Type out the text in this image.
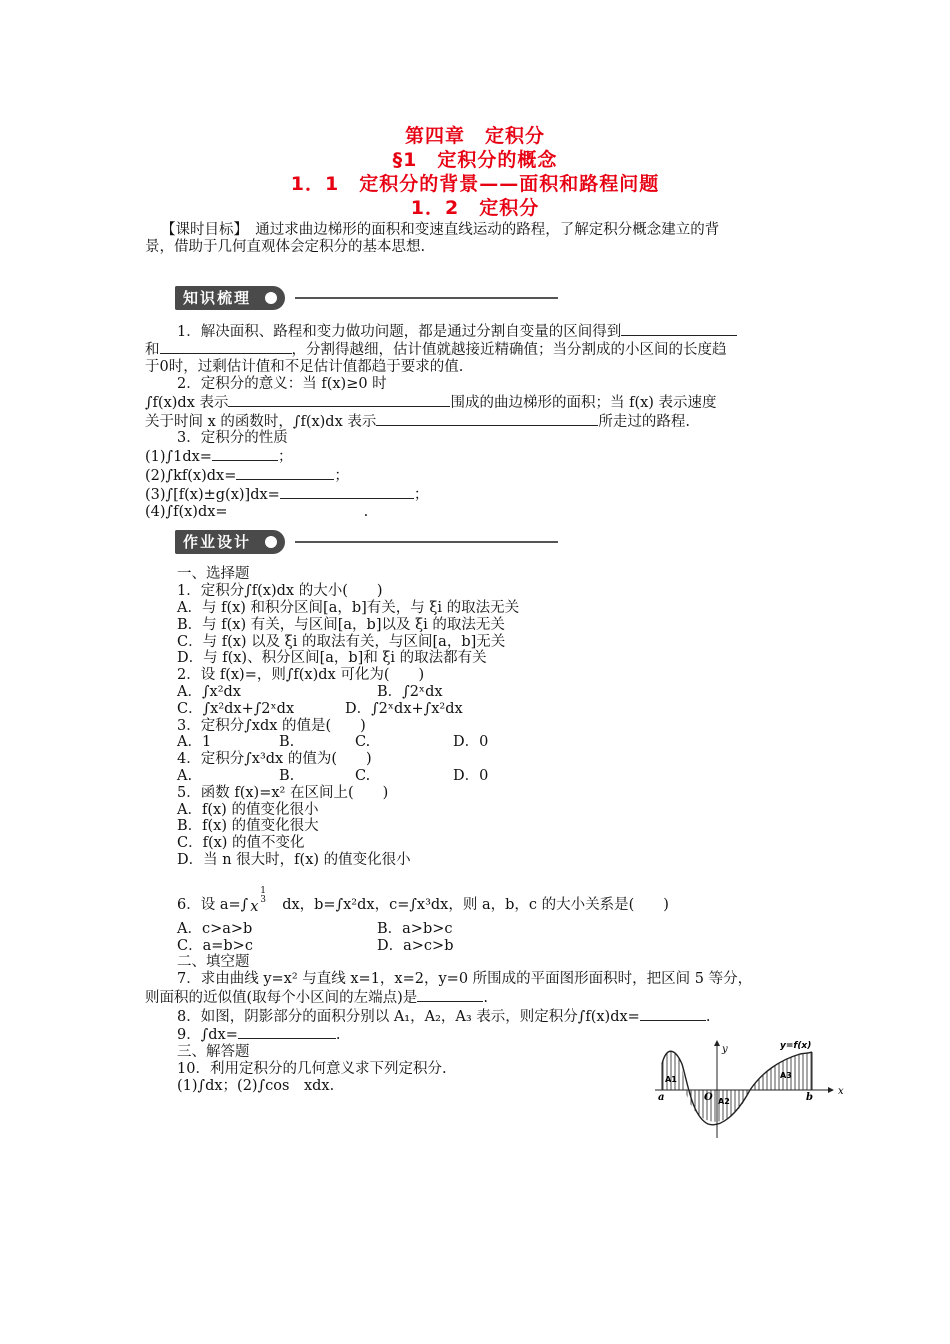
第四章　定积分
§1　定积分的概念
1．1　定积分的背景——面积和路程问题
1．2　定积分
【课时目标】　通过求曲边梯形的面积和变速直线运动的路程，了解定积分概念建立的背
景，借助于几何直观体会定积分的基本思想.
知识梳理
1．解决面积、路程和变力做功问题，都是通过分割自变量的区间得到
和	，分割得越细，估计值就越接近精确值；当分割成的小区间的长度趋
于0时，过剩估计值和不足估计值都趋于要求的值.
2．定积分的意义：当 f(x)≥0 时
∫f(x)dx 表示	围成的曲边梯形的面积；当 f(x) 表示速度
关于时间 x 的函数时，∫f(x)dx 表示	所走过的路程.
3．定积分的性质
(1)∫1dx=	；
(2)∫kf(x)dx=	；
(3)∫[f(x)±g(x)]dx=	；
(4)∫f(x)dx=	.
作业设计
一、选择题
1．定积分∫f(x)dx 的大小(　　)
A．与 f(x) 和积分区间[a，b]有关，与 ξi 的取法无关
B．与 f(x) 有关，与区间[a，b]以及 ξi 的取法无关
C．与 f(x) 以及 ξi 的取法有关，与区间[a，b]无关
D．与 f(x)、积分区间[a，b]和 ξi 的取法都有关
2．设 f(x)=，则∫f(x)dx 可化为(　　)
A．∫x²dx	B．∫2ˣdx
C．∫x²dx+∫2ˣdx	D．∫2ˣdx+∫x²dx
3．定积分∫xdx 的值是(　　)
A．1	B.	C.	D．0
4．定积分∫x³dx 的值为(　　)
A.	B.	C.	D．0
5．函数 f(x)=x² 在区间上(　　)
A．f(x) 的值变化很小
B．f(x) 的值变化很大
C．f(x) 的值不变化
D．当 n 很大时，f(x) 的值变化很小
6．设 a=∫
1
3
x dx，b=∫x²dx，c=∫x³dx，则 a，b，c 的大小关系是(　　)
A．c>a>b	B．a>b>c
C．a=b>c	D．a>c>b
二、填空题
7．求由曲线 y=x² 与直线 x=1，x=2，y=0 所围成的平面图形面积时，把区间 5 等分，
则面积的近似值(取每个小区间的左端点)是	.
8．如图，阴影部分的面积分别以 A₁，A₂，A₃ 表示，则定积分∫f(x)dx=	.
9．∫dx=	.
三、解答题
10．利用定积分的几何意义求下列定积分.
(1)∫dx；(2)∫cos　xdx.
y
x
y=f(x)
a	O	b
A1
A2
A3
